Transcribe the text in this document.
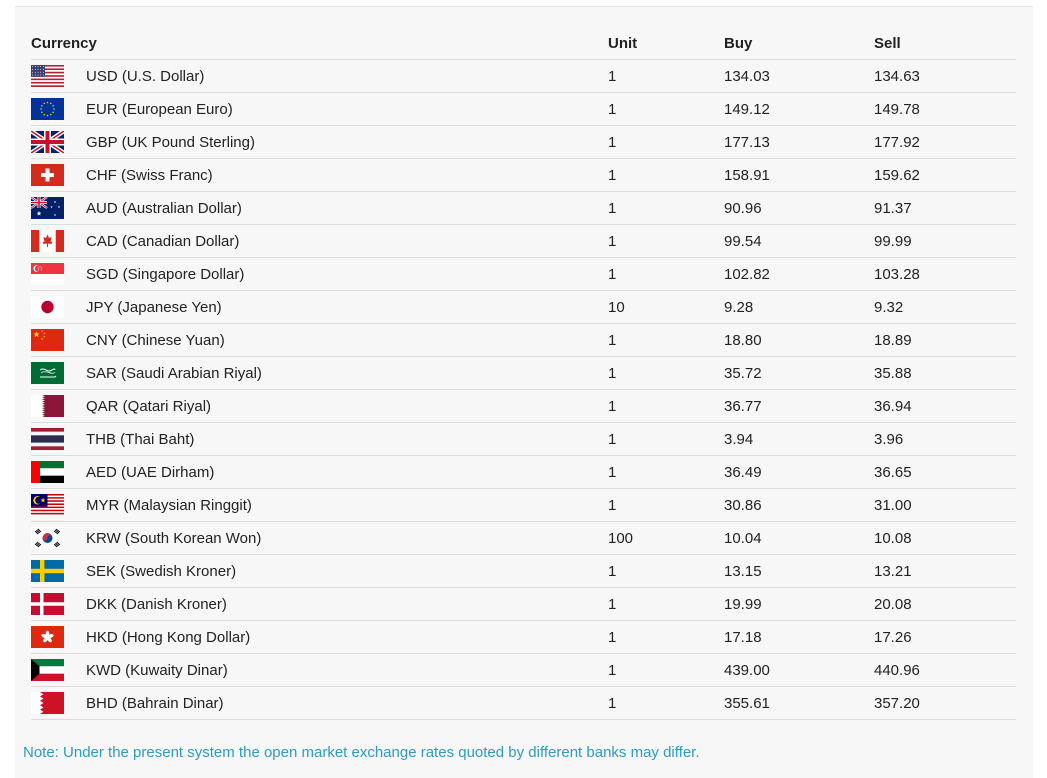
Currency		Unit	Buy	Sell

	USD (U.S. Dollar)	1	134.03	134.63

	EUR (European Euro)	1	149.12	149.78

	GBP (UK Pound Sterling)	1	177.13	177.92

	CHF (Swiss Franc)	1	158.91	159.62

	AUD (Australian Dollar)	1	90.96	91.37

	CAD (Canadian Dollar)	1	99.54	99.99

	SGD (Singapore Dollar)	1	102.82	103.28

	JPY (Japanese Yen)	10	9.28	9.32

	CNY (Chinese Yuan)	1	18.80	18.89

	SAR (Saudi Arabian Riyal)	1	35.72	35.88

	QAR (Qatari Riyal)	1	36.77	36.94

	THB (Thai Baht)	1	3.94	3.96

	AED (UAE Dirham)	1	36.49	36.65

	MYR (Malaysian Ringgit)	1	30.86	31.00

	KRW (South Korean Won)	100	10.04	10.08

	SEK (Swedish Kroner)	1	13.15	13.21

	DKK (Danish Kroner)	1	19.99	20.08

	HKD (Hong Kong Dollar)	1	17.18	17.26

	KWD (Kuwaity Dinar)	1	439.00	440.96

	BHD (Bahrain Dinar)	1	355.61	357.20
Note: Under the present system the open market exchange rates quoted by different banks may differ.
